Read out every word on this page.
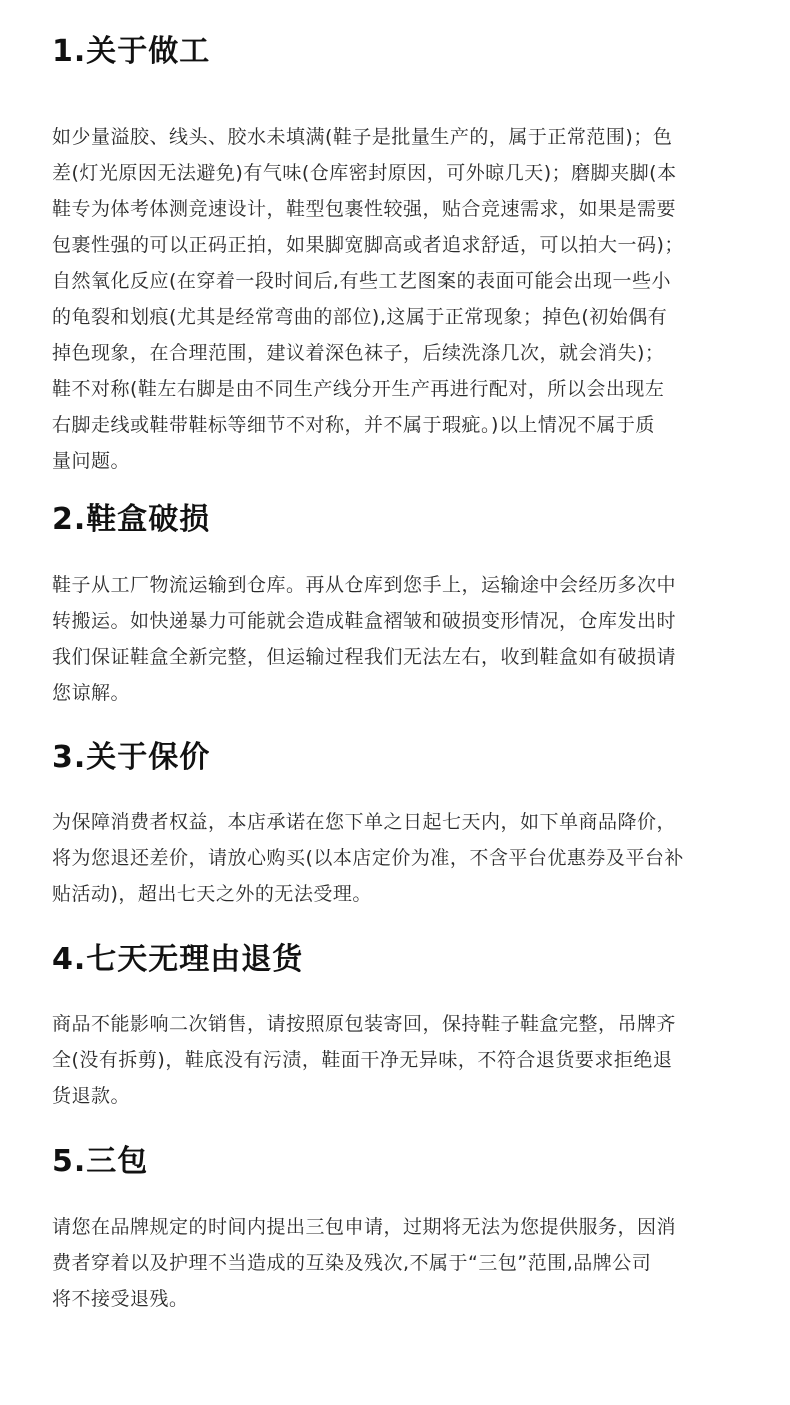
1.关于做工

如少量溢胶、线头、胶水未填满(鞋子是批量生产的，属于正常范围)；色
差(灯光原因无法避免)有气味(仓库密封原因，可外晾几天)；磨脚夹脚(本
鞋专为体考体测竞速设计，鞋型包裹性较强，贴合竞速需求，如果是需要
包裹性强的可以正码正拍，如果脚宽脚高或者追求舒适，可以拍大一码)；
自然氧化反应(在穿着一段时间后,有些工艺图案的表面可能会出现一些小
的龟裂和划痕(尤其是经常弯曲的部位),这属于正常现象；掉色(初始偶有
掉色现象，在合理范围，建议着深色袜子，后续洗涤几次，就会消失)；
鞋不对称(鞋左右脚是由不同生产线分开生产再进行配对，所以会出现左
右脚走线或鞋带鞋标等细节不对称，并不属于瑕疵。)以上情况不属于质
量问题。

2.鞋盒破损

鞋子从工厂物流运输到仓库。再从仓库到您手上，运输途中会经历多次中
转搬运。如快递暴力可能就会造成鞋盒褶皱和破损变形情况，仓库发出时
我们保证鞋盒全新完整，但运输过程我们无法左右，收到鞋盒如有破损请
您谅解。

3.关于保价

为保障消费者权益，本店承诺在您下单之日起七天内，如下单商品降价，
将为您退还差价，请放心购买(以本店定价为准，不含平台优惠券及平台补
贴活动)，超出七天之外的无法受理。

4.七天无理由退货

商品不能影响二次销售，请按照原包装寄回，保持鞋子鞋盒完整，吊牌齐
全(没有拆剪)，鞋底没有污渍，鞋面干净无异味，不符合退货要求拒绝退
货退款。

5.三包

请您在品牌规定的时间内提出三包申请，过期将无法为您提供服务，因消
费者穿着以及护理不当造成的互染及残次,不属于“三包”范围,品牌公司
将不接受退残。
